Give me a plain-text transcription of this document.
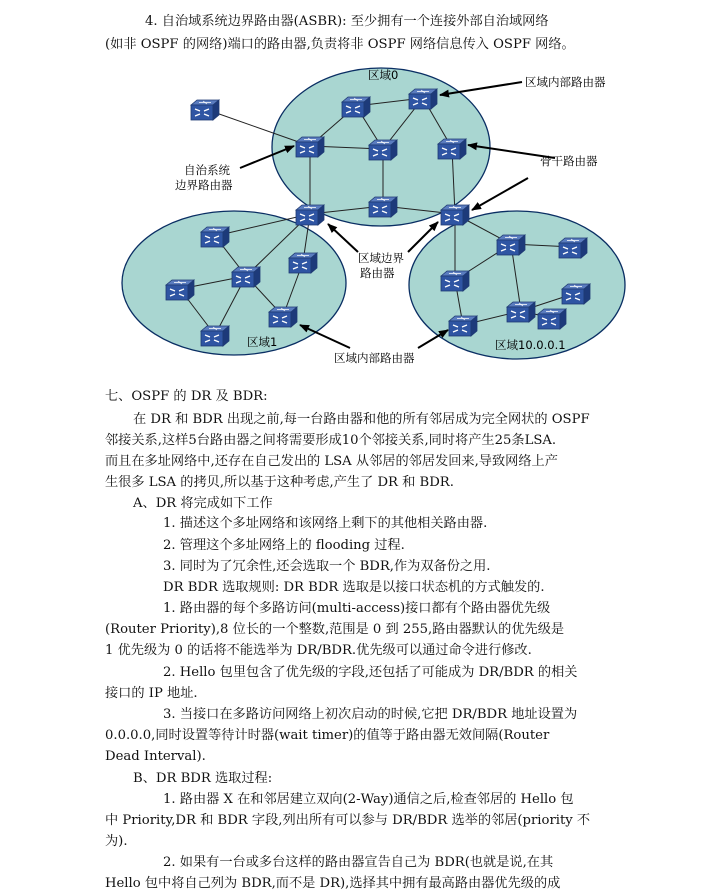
4. 自治域系统边界路由器(ASBR): 至少拥有一个连接外部自治域网络
(如非 OSPF 的网络)端口的路由器,负责将非 OSPF 网络信息传入 OSPF 网络。
区域0
区域1	区域10.0.0.1
区域内部路由器
骨干路由器
自治系统
边界路由器
区域边界
路由器
区域内部路由器
七、OSPF 的 DR 及 BDR:
在 DR 和 BDR 出现之前,每一台路由器和他的所有邻居成为完全网状的 OSPF
邻接关系,这样5台路由器之间将需要形成10个邻接关系,同时将产生25条LSA.
而且在多址网络中,还存在自己发出的 LSA 从邻居的邻居发回来,导致网络上产
生很多 LSA 的拷贝,所以基于这种考虑,产生了 DR 和 BDR.
A、DR 将完成如下工作
1. 描述这个多址网络和该网络上剩下的其他相关路由器.
2. 管理这个多址网络上的 flooding 过程.
3. 同时为了冗余性,还会选取一个 BDR,作为双备份之用.
DR BDR 选取规则: DR BDR 选取是以接口状态机的方式触发的.
1. 路由器的每个多路访问(multi-access)接口都有个路由器优先级
(Router Priority),8 位长的一个整数,范围是 0 到 255,路由器默认的优先级是
1 优先级为 0 的话将不能选举为 DR/BDR.优先级可以通过命令进行修改.
2. Hello 包里包含了优先级的字段,还包括了可能成为 DR/BDR 的相关
接口的 IP 地址.
3. 当接口在多路访问网络上初次启动的时候,它把 DR/BDR 地址设置为
0.0.0.0,同时设置等待计时器(wait timer)的值等于路由器无效间隔(Router
Dead Interval).
B、DR BDR 选取过程:
1. 路由器 X 在和邻居建立双向(2-Way)通信之后,检查邻居的 Hello 包
中 Priority,DR 和 BDR 字段,列出所有可以参与 DR/BDR 选举的邻居(priority 不
为).
2. 如果有一台或多台这样的路由器宣告自己为 BDR(也就是说,在其
Hello 包中将自己列为 BDR,而不是 DR),选择其中拥有最高路由器优先级的成
